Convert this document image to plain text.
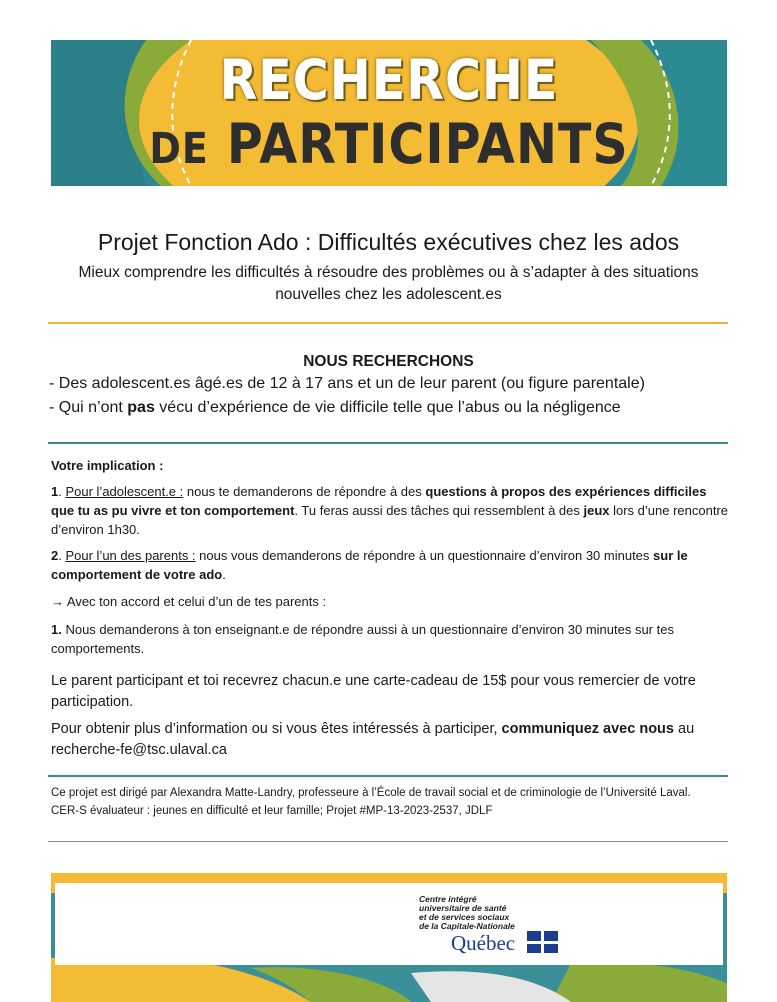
RECHERCHE
DE PARTICIPANTS
Projet Fonction Ado : Difficultés exécutives chez les ados
Mieux comprendre les difficultés à résoudre des problèmes ou à s’adapter à des situations nouvelles chez les adolescent.es
NOUS RECHERCHONS
- Des adolescent.es âgé.es de 12 à 17 ans et un de leur parent (ou figure parentale)
- Qui n’ont pas vécu d’expérience de vie difficile telle que l’abus ou la négligence
Votre implication :
1. Pour l’adolescent.e : nous te demanderons de répondre à des questions à propos des expériences difficiles que tu as pu vivre et ton comportement. Tu feras aussi des tâches qui ressemblent à des jeux lors d’une rencontre d’environ 1h30.
2. Pour l’un des parents : nous vous demanderons de répondre à un questionnaire d’environ 30 minutes sur le comportement de votre ado.
→ Avec ton accord et celui d’un de tes parents :
1. Nous demanderons à ton enseignant.e de répondre aussi à un questionnaire d’environ 30 minutes sur tes comportements.
Le parent participant et toi recevrez chacun.e une carte-cadeau de 15$ pour vous remercier de votre participation.
Pour obtenir plus d’information ou si vous êtes intéressés à participer, communiquez avec nous au
recherche-fe@tsc.ulaval.ca
Ce projet est dirigé par Alexandra Matte-Landry, professeure à l’École de travail social et de criminologie de l’Université Laval.
CER-S évaluateur : jeunes en difficulté et leur famille; Projet #MP-13-2023-2537, JDLF
Centre intégré
universitaire de santé
et de services sociaux
de la Capitale-Nationale
Québec
